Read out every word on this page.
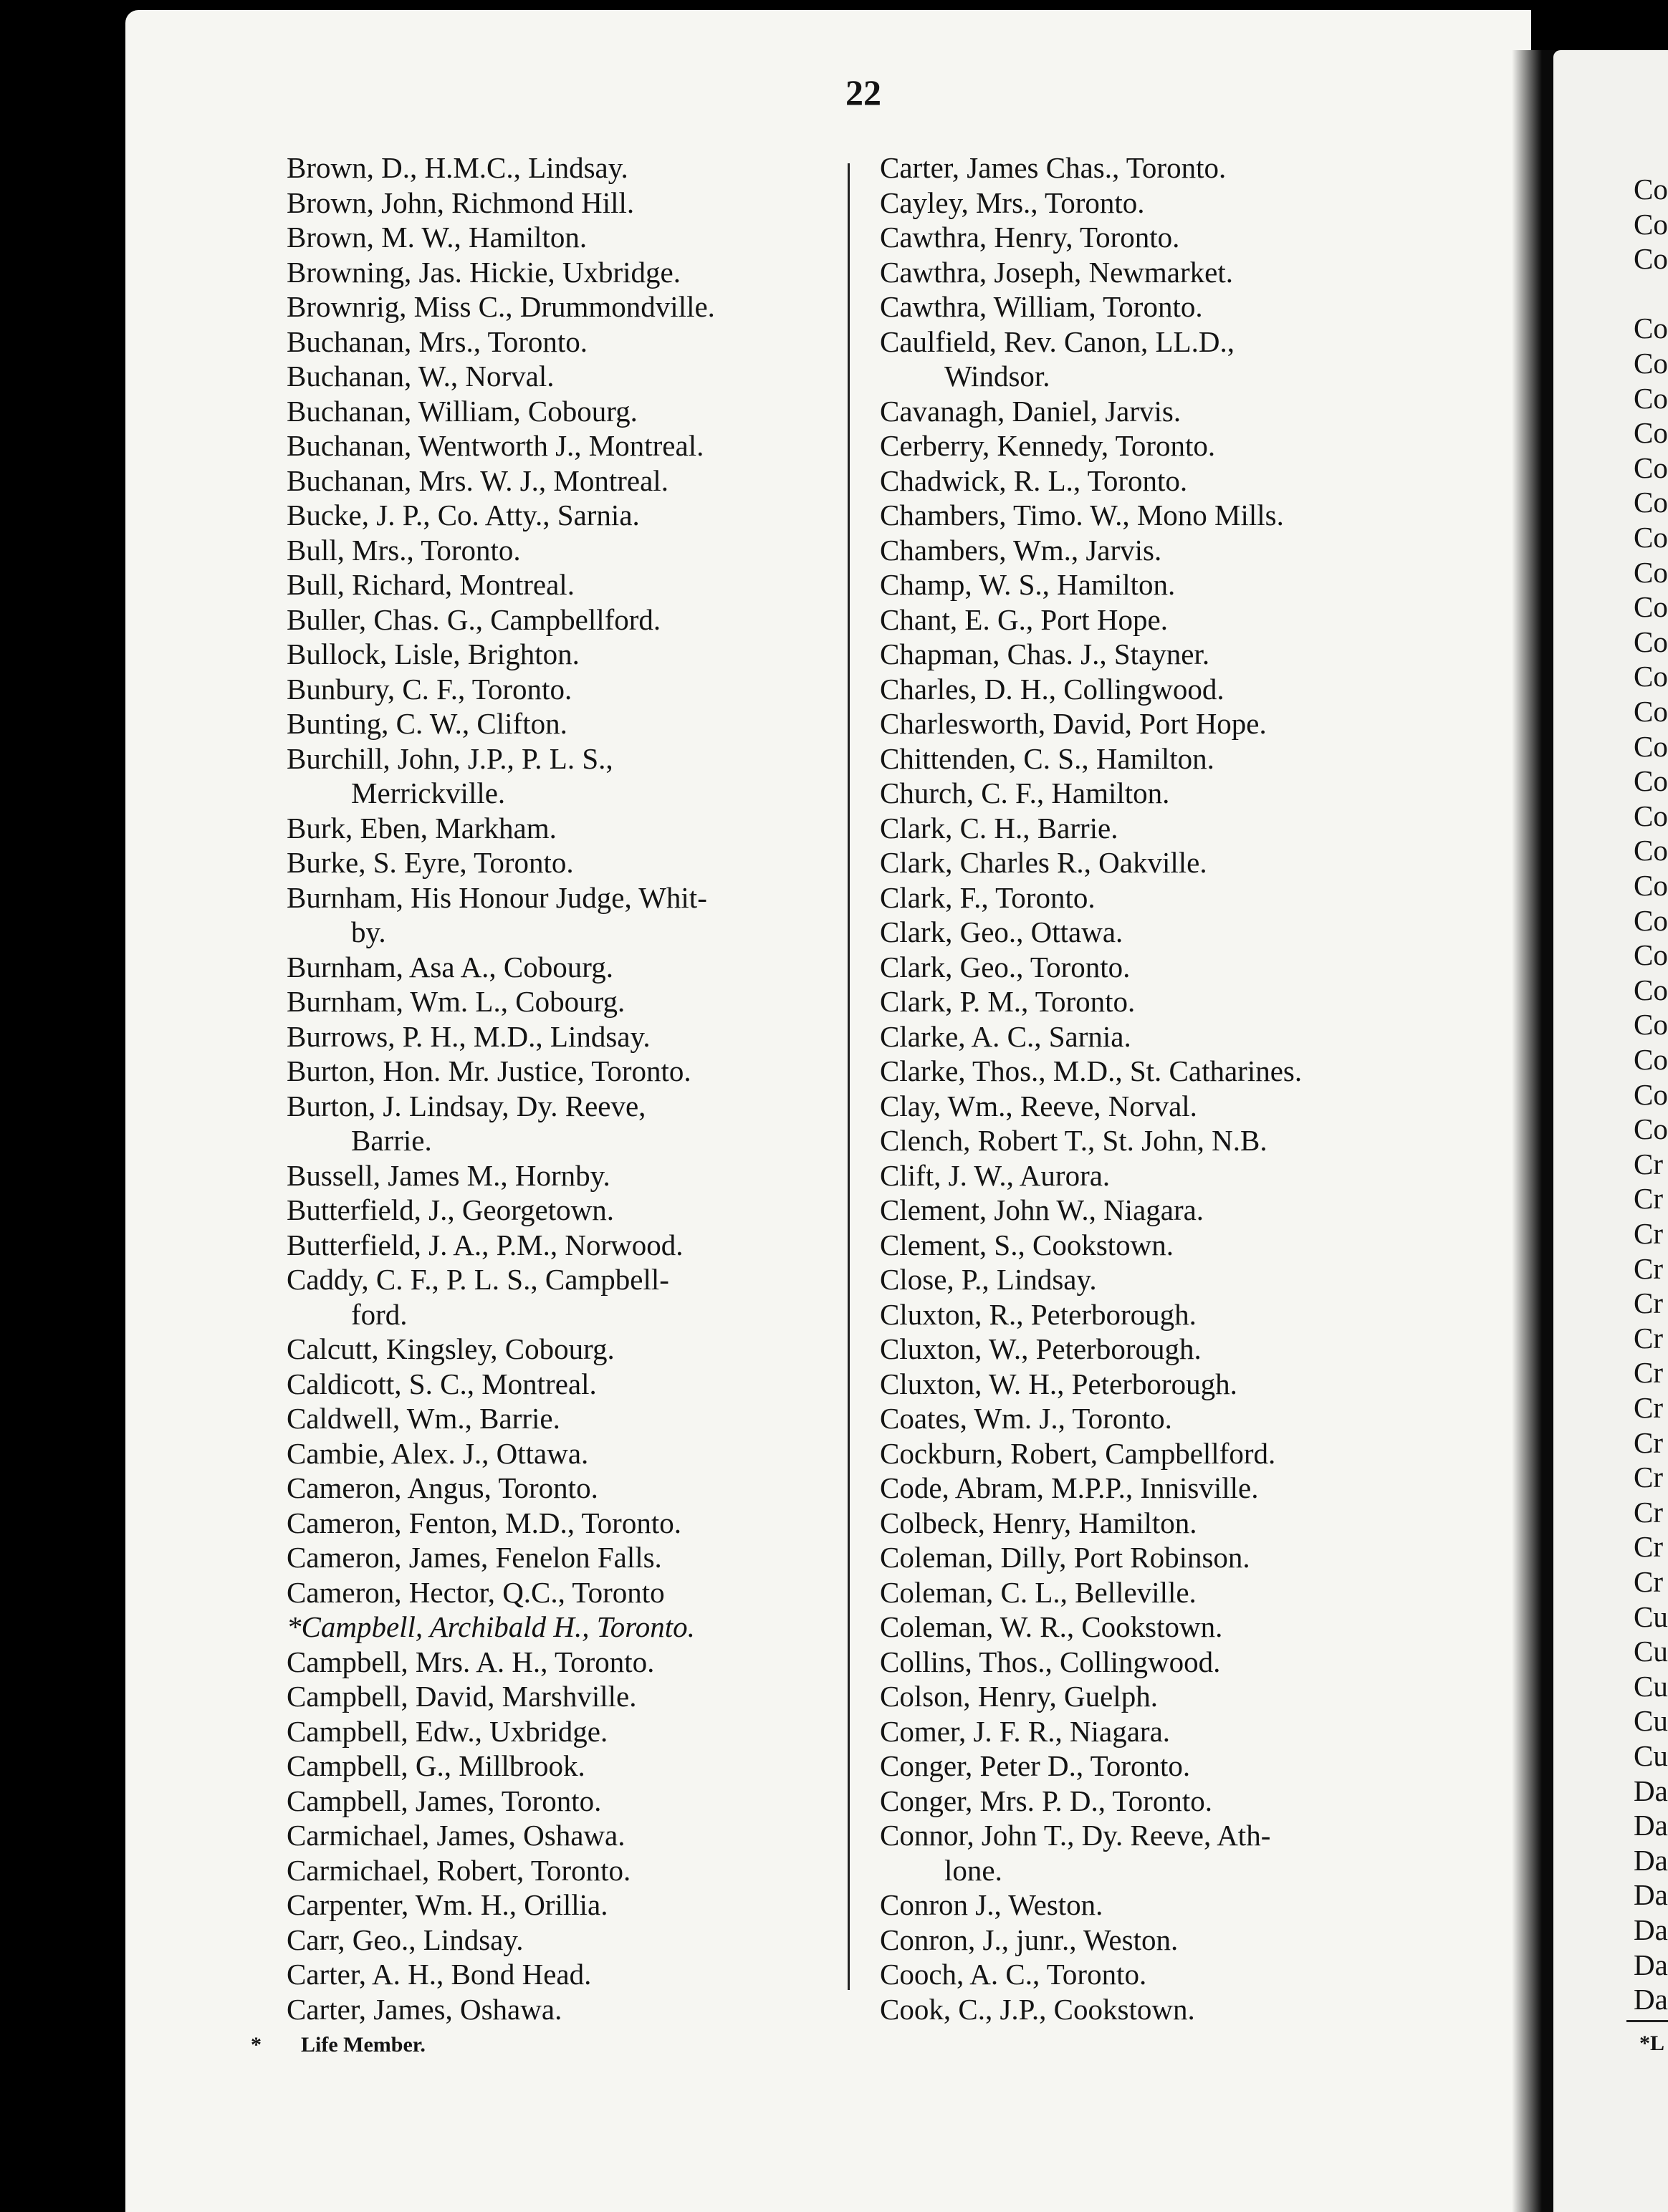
Co
Co
Co
Co
Co
Co
Co
Co
Co
Co
Co
Co
Co
Co
Co
Co
Co
Co
Co
Co
Co
Co
Co
Co
Co
Co
Co
Cr
Cr
Cr
Cr
Cr
Cr
Cr
Cr
Cr
Cr
Cr
Cr
Cr
Cu
Cu
Cu
Cu
Cu
Da
Da
Da
Da
Da
Da
Da
22
Brown, D., H.M.C., Lindsay.
Brown, John, Richmond Hill.
Brown, M. W., Hamilton.
Browning, Jas. Hickie, Uxbridge.
Brownrig, Miss C., Drummondville.
Buchanan, Mrs., Toronto.
Buchanan, W., Norval.
Buchanan, William, Cobourg.
Buchanan, Wentworth J., Montreal.
Buchanan, Mrs. W. J., Montreal.
Bucke, J. P., Co. Atty., Sarnia.
Bull, Mrs., Toronto.
Bull, Richard, Montreal.
Buller, Chas. G., Campbellford.
Bullock, Lisle, Brighton.
Bunbury, C. F., Toronto.
Bunting, C. W., Clifton.
Burchill, John, J.P., P. L. S.,
Merrickville.
Burk, Eben, Markham.
Burke, S. Eyre, Toronto.
Burnham, His Honour Judge, Whit-
by.
Burnham, Asa A., Cobourg.
Burnham, Wm. L., Cobourg.
Burrows, P. H., M.D., Lindsay.
Burton, Hon. Mr. Justice, Toronto.
Burton, J. Lindsay, Dy. Reeve,
Barrie.
Bussell, James M., Hornby.
Butterfield, J., Georgetown.
Butterfield, J. A., P.M., Norwood.
Caddy, C. F., P. L. S., Campbell-
ford.
Calcutt, Kingsley, Cobourg.
Caldicott, S. C., Montreal.
Caldwell, Wm., Barrie.
Cambie, Alex. J., Ottawa.
Cameron, Angus, Toronto.
Cameron, Fenton, M.D., Toronto.
Cameron, James, Fenelon Falls.
Cameron, Hector, Q.C., Toronto
*Campbell, Archibald H., Toronto.
Campbell, Mrs. A. H., Toronto.
Campbell, David, Marshville.
Campbell, Edw., Uxbridge.
Campbell, G., Millbrook.
Campbell, James, Toronto.
Carmichael, James, Oshawa.
Carmichael, Robert, Toronto.
Carpenter, Wm. H., Orillia.
Carr, Geo., Lindsay.
Carter, A. H., Bond Head.
Carter, James, Oshawa.
Carter, James Chas., Toronto.
Cayley, Mrs., Toronto.
Cawthra, Henry, Toronto.
Cawthra, Joseph, Newmarket.
Cawthra, William, Toronto.
Caulfield, Rev. Canon, LL.D.,
Windsor.
Cavanagh, Daniel, Jarvis.
Cerberry, Kennedy, Toronto.
Chadwick, R. L., Toronto.
Chambers, Timo. W., Mono Mills.
Chambers, Wm., Jarvis.
Champ, W. S., Hamilton.
Chant, E. G., Port Hope.
Chapman, Chas. J., Stayner.
Charles, D. H., Collingwood.
Charlesworth, David, Port Hope.
Chittenden, C. S., Hamilton.
Church, C. F., Hamilton.
Clark, C. H., Barrie.
Clark, Charles R., Oakville.
Clark, F., Toronto.
Clark, Geo., Ottawa.
Clark, Geo., Toronto.
Clark, P. M., Toronto.
Clarke, A. C., Sarnia.
Clarke, Thos., M.D., St. Catharines.
Clay, Wm., Reeve, Norval.
Clench, Robert T., St. John, N.B.
Clift, J. W., Aurora.
Clement, John W., Niagara.
Clement, S., Cookstown.
Close, P., Lindsay.
Cluxton, R., Peterborough.
Cluxton, W., Peterborough.
Cluxton, W. H., Peterborough.
Coates, Wm. J., Toronto.
Cockburn, Robert, Campbellford.
Code, Abram, M.P.P., Innisville.
Colbeck, Henry, Hamilton.
Coleman, Dilly, Port Robinson.
Coleman, C. L., Belleville.
Coleman, W. R., Cookstown.
Collins, Thos., Collingwood.
Colson, Henry, Guelph.
Comer, J. F. R., Niagara.
Conger, Peter D., Toronto.
Conger, Mrs. P. D., Toronto.
Connor, John T., Dy. Reeve, Ath-
lone.
Conron J., Weston.
Conron, J., junr., Weston.
Cooch, A. C., Toronto.
Cook, C., J.P., Cookstown.
* Life Member.	*L
